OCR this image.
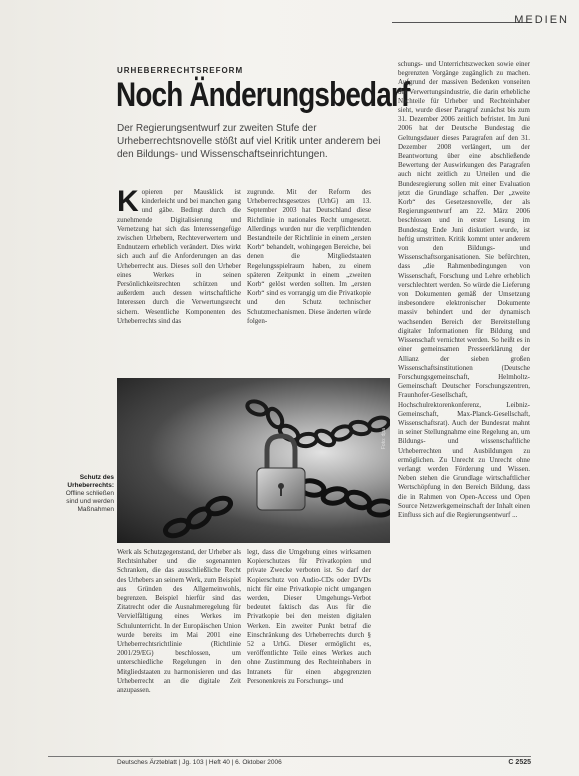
MEDIEN
URHEBERRECHTSREFORM
Noch Änderungsbedarf
Der Regierungsentwurf zur zweiten Stufe der Urheberrechtsnovelle stößt auf viel Kritik unter anderem bei den Bildungs- und Wissenschaftseinrichtungen.
K opieren per Mausklick ist kinderleicht und bei manchen gang und gäbe. Bedingt durch die zunehmende Digitalisierung und Vernetzung hat sich das Interessengefüge zwischen Urhebern, Rechteverwertern und Endnutzern erheblich verändert. Dies wirkt sich auch auf die Anforderungen an das Urheberrecht aus. Dieses soll den Urheber eines Werkes in seinen Persönlichkeitsrechten schützen und außerdem auch dessen wirtschaftliche Interessen durch die Verwertungsrecht sichern. Wesentliche Komponenten des Urheberrechts sind das
zugrunde. Mit der Reform des Urheberrechtsgesetzes (UrhG) am 13. September 2003 hat Deutschland diese Richtlinie in nationales Recht umgesetzt. Allerdings wurden nur die verpflichtenden Bestandteile der Richtlinie in einem „ersten Korb“ behandelt, wohingegen Bereiche, bei denen die Mitgliedstaaten Regelungsspielraum haben, zu einem späteren Zeitpunkt in einem „zweiten Korb“ gelöst werden sollten. Im „ersten Korb“ sind es vorrangig um die Privatkopie und den Schutz technischer Schutzmechanismen. Diese änderten würde folgen-
schungs- und Unterrichtszwecken sowie einer begrenzten Vorgänge zugänglich zu machen. Aufgrund der massiven Bedenken vonseiten der Verwertungsindustrie, die darin erhebliche Nachteile für Urheber und Rechteinhaber sieht, wurde dieser Paragraf zunächst bis zum 31. Dezember 2006 zeitlich befristet. Im Juni 2006 hat der Deutsche Bundestag die Geltungsdauer dieses Paragrafen auf den 31. Dezember 2008 verlängert, um der Beantwortung über eine abschließende Bewertung der Auswirkungen des Paragrafen auch nicht zeitlich zu Urteilen und die Bundesregierung sollen mit einer Evaluation jetzt die Grundlage schaffen. Der „zweite Korb“ des Gesetzesnovelle, der als Regierungsentwurf am 22. März 2006 beschlossen und in erster Lesung im Bundestag Ende Juni diskutiert wurde, ist heftig umstritten. Kritik kommt unter anderem von den Bildungs- und Wissenschaftsorganisationen. Sie befürchten, dass „die Rahmenbedingungen von Wissenschaft, Forschung und Lehre erheblich verschlechtert werden. So würde die Lieferung von Dokumenten gemäß der Umsetzung insbesondere elektronischer Dokumente massiv behindert und der dynamisch wachsenden Bereich der Bereitstellung digitaler Informationen für Bildung und Wissenschaft vernichtet werden. So heißt es in einer gemeinsamen Presseerklärung der Allianz der sieben großen Wissenschaftsinstitutionen (Deutsche Forschungsgemeinschaft, Helmholtz-Gemeinschaft Deutscher Forschungszentren, Fraunhofer-Gesellschaft, Hochschulrektorenkonferenz, Leibniz-Gemeinschaft, Max-Planck-Gesellschaft, Wissenschaftsrat). Auch der Bundesrat mahnt in seiner Stellungnahme eine Regelung an, um Bildungs- und wissenschaftliche Urheberrechten und Ausbildungen zu ermöglichen. Zu Unrecht zu Unrecht ohne verlangt werden Förderung und Wissen. Neben stehen die Grundlage wirtschaftlicher Wertschöpfung in den Bereich Bildung, dass die in Rahmen von Open-Access und Open Source Netzwerkgemeinschaft der Inhalt einen Einfluss sich auf die Regierungsentwurf ...
Foto: dpa
Schutz des Urheberrechts:
Offline schließen sind und werden Maßnahmen
Werk als Schutzgegenstand, der Urheber als Rechtsinhaber und die sogenannten Schranken, die das ausschließliche Recht des Urhebers an seinem Werk, zum Beispiel aus Gründen des Allgemeinwohls, begrenzen. Beispiel hierfür sind das Zitatrecht oder die Ausnahmeregelung für Vervielfältigung eines Werkes im Schulunterricht. In der Europäischen Union wurde bereits im Mai 2001 eine Urheberrechtsrichtlinie (Richtlinie 2001/29/EG) beschlossen, um unterschiedliche Regelungen in den Mitgliedstaaten zu harmonisieren und das Urheberrecht an die digitale Zeit anzupassen.
legt, dass die Umgehung eines wirksamen Kopierschutzes für Privatkopien und private Zwecke verboten ist. So darf der Kopierschutz von Audio-CDs oder DVDs nicht für eine Privatkopie nicht umgangen werden, Dieser Umgehungs-Verbot bedeutet faktisch das Aus für die Privatkopie bei den meisten digitalen Werken. Ein zweiter Punkt betraf die Einschränkung des Urheberrechts durch § 52 a UrhG. Dieser ermöglicht es, veröffentlichte Teile eines Werkes auch ohne Zustimmung des Rechteinhabers in Intranets für einen abgegrenzten Personenkreis zu Forschungs- und
Deutsches Ärzteblatt | Jg. 103 | Heft 40 | 6. Oktober 2006	C 2525
